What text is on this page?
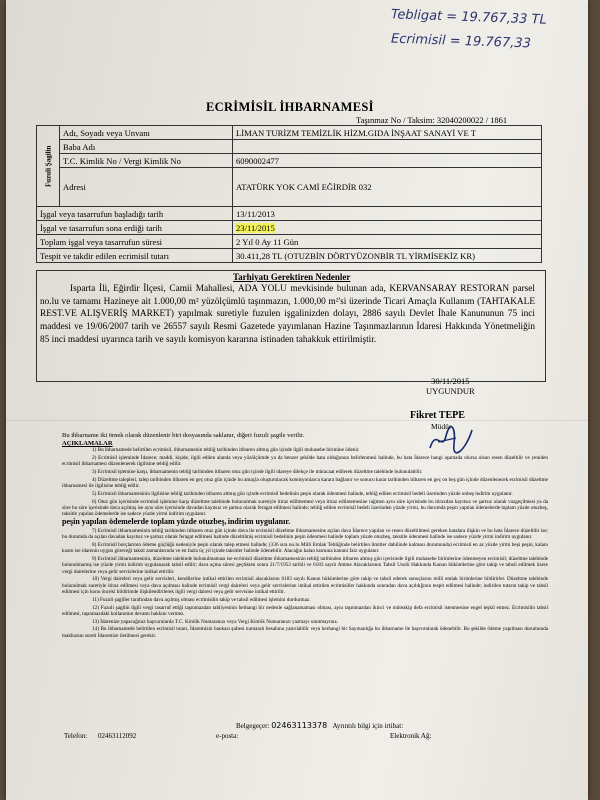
Tebligat = 19.767,33 TL
Ecrimisil = 19.767,33
ECRİMİSİL İHBARNAMESİ
Taşınmaz No / Taksim: 32040200022 / 1861
Fuzuli Şagilin	Adı, Soyadı veya Unvanı	LİMAN TURİZM TEMİZLİK HİZM.GIDA İNŞAAT SANAYİ VE T
	Baba Adı	
	T.C. Kimlik No / Vergi Kimlik No	6090002477
	Adresi	ATATÜRK YOK CAMİ EĞİRDİR 032
İşgal veya tasarrufun başladığı tarih		13/11/2013
İşgal ve tasarrufun sona erdiği tarih		23/11/2015
Toplam işgal veya tasarrufun süresi		2 Yıl 0 Ay 11 Gün
Tespit ve takdir edilen ecrimisil tutarı		30.411,28 TL (OTUZBİN DÖRTYÜZONBİR TL YİRMİSEKİZ KR)
Tarhiyatı Gerektiren Nedenler
Isparta İli, Eğirdir İlçesi, Camii Mahallesi, ADA YOLU mevkisinde bulunan ada, KERVANSARAY RESTORAN parsel no.lu ve tamamı Hazineye ait 1.000,00 m² yüzölçümlü taşınmazın, 1.000,00 m²'si üzerinde Ticari Amaçla Kullanım (TAHTAKALE REST.VE ALIŞVERİŞ MARKET) yapılmak suretiyle fuzulen işgalinizden dolayı, 2886 sayılı Devlet İhale Kanununun 75 inci maddesi ve 19/06/2007 tarih ve 26557 sayılı Resmi Gazetede yayımlanan Hazine Taşınmazlarının İdaresi Hakkında Yönetmeliğin 85 inci maddesi uyarınca tarih ve sayılı komisyon kararına istinaden tahakkuk ettirilmiştir.
30/11/2015
UYGUNDUR
Fikret TEPE
Müdür
Bu ihbarname iki örnek olarak düzenlenir biri dosyasında saklanır, diğeri fuzuli şagile verilir.
AÇIKLAMALAR

1) Bu ihbarnamede belirtilen ecrimisil, ihbarnamenin tebliğ tarihinden itibaren altmış gün içinde ilgili muhasebe birimine ödenir.

2) Ecrimisil işleminde İdarece; maddi, kişide, ilgili edilen alanda veya yüzölçümde ya da benzer şekilde hata olduğunun belirlenmesi halinde, bu hata İdarece hangi aşamada olursa olsun resen düzeltilir ve yeniden ecrimisil ihbarnamesi düzenlenerek ilgilisine tebliğ edilir.

3) Ecrimisil işlemine karşı, ihbarnamenin tebliğ tarihinden itibaren otuz gün içinde ilgili idareye dilekçe ile müracaat edilerek düzeltme talebinde bulunulabilir.

4) Düzeltme talepleri, talep tarihinden itibaren en geç otuz gün içinde bu amaçla oluşturulacak komisyonlarca karara bağlanır ve sonucu karar tarihinden itibaren en geç on beş gün içinde düzenlenecek ecrimisil düzeltme ihbarnamesi ile ilgilisine tebliğ edilir.

5) Ecrimisil ihbarnamesinin ilgilisine tebliğ tarihinden itibaren altmış gün içinde ecrimisil bedelinin peşin olarak ödenmesi halinde, tebliğ edilen ecrimisil bedeli üzerinden yüzde onbeş indirim uygulanır.

6) Otuz gün içerisinde ecrimisil işlemine karşı düzeltme talebinde bulunulmak suretiyle itiraz edilmemesi veya itiraz edilmemesine rağmen aynı süre içerisinde bu itirazdan kayıtsız ve şartsız olarak vazgeçilmesi ya da süre bu süre içerisinde dava açılmış ise aynı süre içerisinde davadan kayıtsız ve şartsız olarak feragat edilmesi halinde; tebliğ edilen ecrimisil bedeli üzerinden yüzde yirmi, bu durumda peşin yapılan ödemelerde toplam yüzde otuzbeş, taksitle yapılan ödemelerde ise sadece yüzde yirmi indirim uygulanır.

peşin yapılan ödemelerde toplam yüzde otuzbeş, indirim uygulanır.

7) Ecrimisil ihbarnamesinin tebliğ tarihinden itibaren otuz gün içinde dava ile ecrimisil düzeltme ihbarnamesine açılan dava İdarece yapılan ve resen düzeltilmesi gereken hatalara ilişkin ve bu hata İdarece düzeltilir ise; bu durumda da açılan davadan kayıtsız ve şartsız olarak feragat edilmesi halinde düzeltilmiş ecrimisil bedelinin peşin ödenmesi halinde toplam yüzde otuzbeş, taksitle ödenmesi halinde ise sadece yüzde yirmi indirim uygulanır.

8) Ecrimisil borçlarının ödeme güçlüğü nedeniyle peşin olarak talep etmesi halinde; (336 sıra no.lu Milli Emlak Tebliğinde belirtilen limitler dahilinde kalması durumunda) ecrimisil en az yüzde yirmi beşi peşin, kalanı kısmı ise idarenin uygun göreceği taksit zamanlarında ve en fazla üç yıl içinde taksitler halinde ödenebilir. Alacağın kalan kısmına kanuni faiz uygulanır.

9) Ecrimisil ihbarnamesinin, düzeltme talebinde bulunulmaması ise ecrimisil düzeltme ihbarnamesinin tebliğ tarihinden itibaren altmış gün içerisinde ilgili muhasebe birimlerine ödenmeyen ecrimisil; düzeltme talebinde bulunulmamış ise yüzde yirmi indirim uygulanarak tahsil edilir; dava açma süresi geçtikten sonra 21/7/1953 tarihli ve 6183 sayılı Amme Alacaklarının Tahsil Usulü Hakkında Kanun hükümlerine göre takip ve tahsil edilmek üzere vergi dairelerine veya gelir servislerine intikal ettirilir.

10) Vergi daireleri veya gelir servisleri, kendilerine intikal ettirilen ecrimisil alacaklarını 6183 sayılı Kanun hükümlerine göre takip ve tahsil ederek sonuçlarını milli emlak birimlerine bildirirler. Düzeltme talebinde bulunulmak suretiyle itiraz edilmesi veya dava açılması halinde ecrimisil vergi daireleri veya gelir servislerine intikal ettirilen ecrimisiller hakkında sonradan dava açıldığının tespit edilmesi halinde; indirilen tutarın takip ve tahsil edilmesi için konu önceki bildirimde ilişkilendirilerek ilgili vergi dairesi veya gelir servisine intikal ettirilir.

11) Fuzuli şagiller tarafından dava açılmış olması ecrimisilin takip ve tahsil edilmesi işlemini durdurmaz.

12) Fuzuli şagilin ilgili vergi tasarruf ettiği taşınmazdan tahliyesinin herhangi bir nedenle sağlanamaması olması, aynı taşınmazdan ikinci ve müteakip defa ecrimisil istenmesine engel teşkil etmez. Ecrimisilin tahsil edilmesi, taşınmazdaki kullanımın devamı hakkını vermez.

13) İdarenize yapacağınız başvurularda T.C. Kimlik Numaranızı veya Vergi Kimlik Numaranızı yazmayı unutmayınız.

14) Bu ihbarnamede belirtilen ecrimisil tutarı, İdaremizin bankası şubesi numaralı hesabına yatırılabilir veya herhangi bir Saymanlığa bu ihbarname ile başvurularak ödenebilir. Bu şekilde ödeme yapılması durumunda makbuzun sureti İdaremize iletilmesi gerekir.

Belgegeçer: 02463113378 Ayrıntılı bilgi için irtibat:
Telefon: 02463112092	e-posta:	Elektronik Ağ:
